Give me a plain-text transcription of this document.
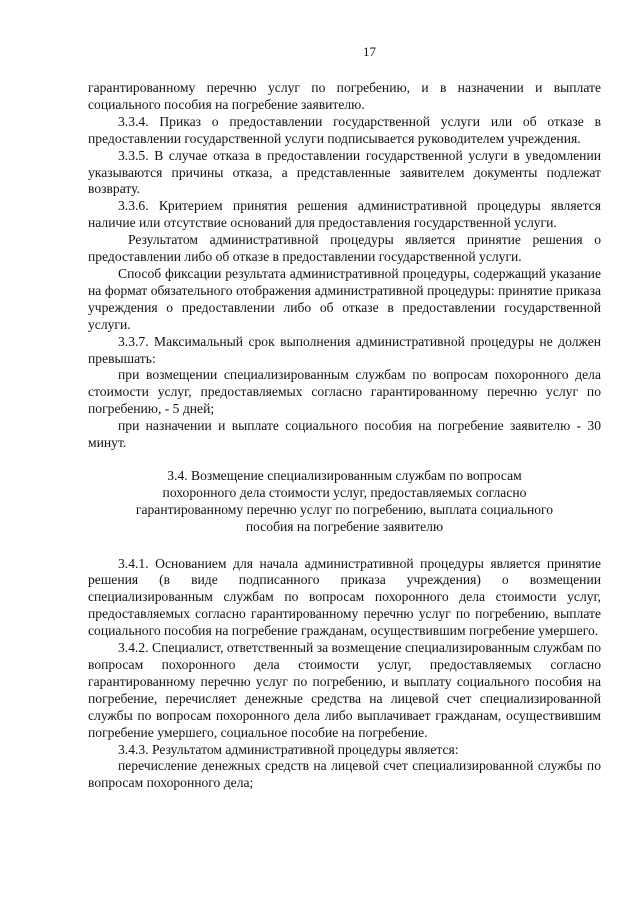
17

гарантированному перечню услуг по погребению, и в назначении и выплате социального пособия на погребение заявителю.

3.3.4. Приказ о предоставлении государственной услуги или об отказе в предоставлении государственной услуги подписывается руководителем учреждения.

3.3.5. В случае отказа в предоставлении государственной услуги в уведомлении указываются причины отказа, а представленные заявителем документы подлежат возврату.

3.3.6. Критерием принятия решения административной процедуры является наличие или отсутствие оснований для предоставления государственной услуги.

Результатом административной процедуры является принятие решения о предоставлении либо об отказе в предоставлении государственной услуги.

Способ фиксации результата административной процедуры, содержащий указание на формат обязательного отображения административной процедуры: принятие приказа учреждения о предоставлении либо об отказе в предоставлении государственной услуги.

3.3.7. Максимальный срок выполнения административной процедуры не должен превышать:

при возмещении специализированным службам по вопросам похоронного дела стоимости услуг, предоставляемых согласно гарантированному перечню услуг по погребению, - 5 дней;

при назначении и выплате социального пособия на погребение заявителю - 30 минут.

3.4. Возмещение специализированным службам по вопросам

похоронного дела стоимости услуг, предоставляемых согласно

гарантированному перечню услуг по погребению, выплата социального

пособия на погребение заявителю

3.4.1. Основанием для начала административной процедуры является принятие решения (в виде подписанного приказа учреждения) о возмещении специализированным службам по вопросам похоронного дела стоимости услуг, предоставляемых согласно гарантированному перечню услуг по погребению, выплате социального пособия на погребение гражданам, осуществившим погребение умершего.

3.4.2. Специалист, ответственный за возмещение специализированным службам по вопросам похоронного дела стоимости услуг, предоставляемых согласно гарантированному перечню услуг по погребению, и выплату социального пособия на погребение, перечисляет денежные средства на лицевой счет специализированной службы по вопросам похоронного дела либо выплачивает гражданам, осуществившим погребение умершего, социальное пособие на погребение.

3.4.3. Результатом административной процедуры является:

перечисление денежных средств на лицевой счет специализированной службы по вопросам похоронного дела;
